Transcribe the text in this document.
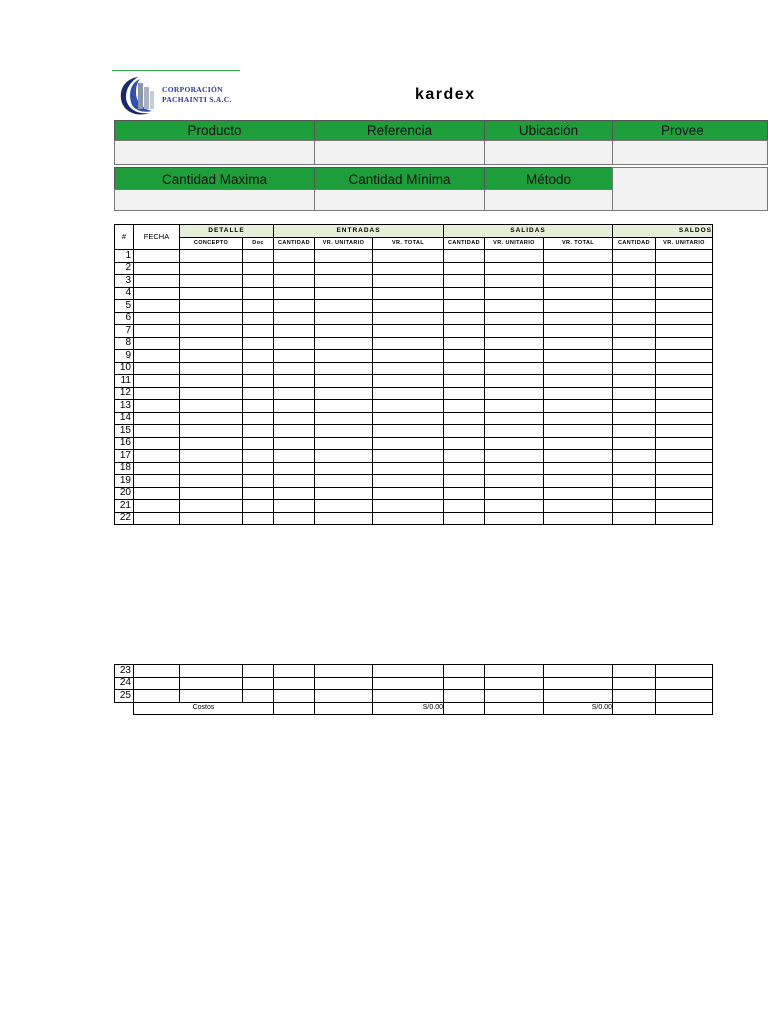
CORPORACIÓN
PACHAINTI S.A.C.	kardex
Producto	Referencia	Ubicación	Provee
Cantidad Maxima	Cantidad Mínima	Método
#	FECHA	DETALLE		ENTRADAS			SALIDAS			SALDOS	
		CONCEPTO	Doc	CANTIDAD	VR. UNITARIO	VR. TOTAL	CANTIDAD	VR. UNITARIO	VR. TOTAL	CANTIDAD	VR. UNITARIO
1											
2											
3											
4											
5											
6											
7											
8											
9											
10											
11											
12											
13											
14											
15											
16											
17											
18											
19											
20											
21											
22											
23											
24											
25											
	Costos					S/0.00			S/0.00		
